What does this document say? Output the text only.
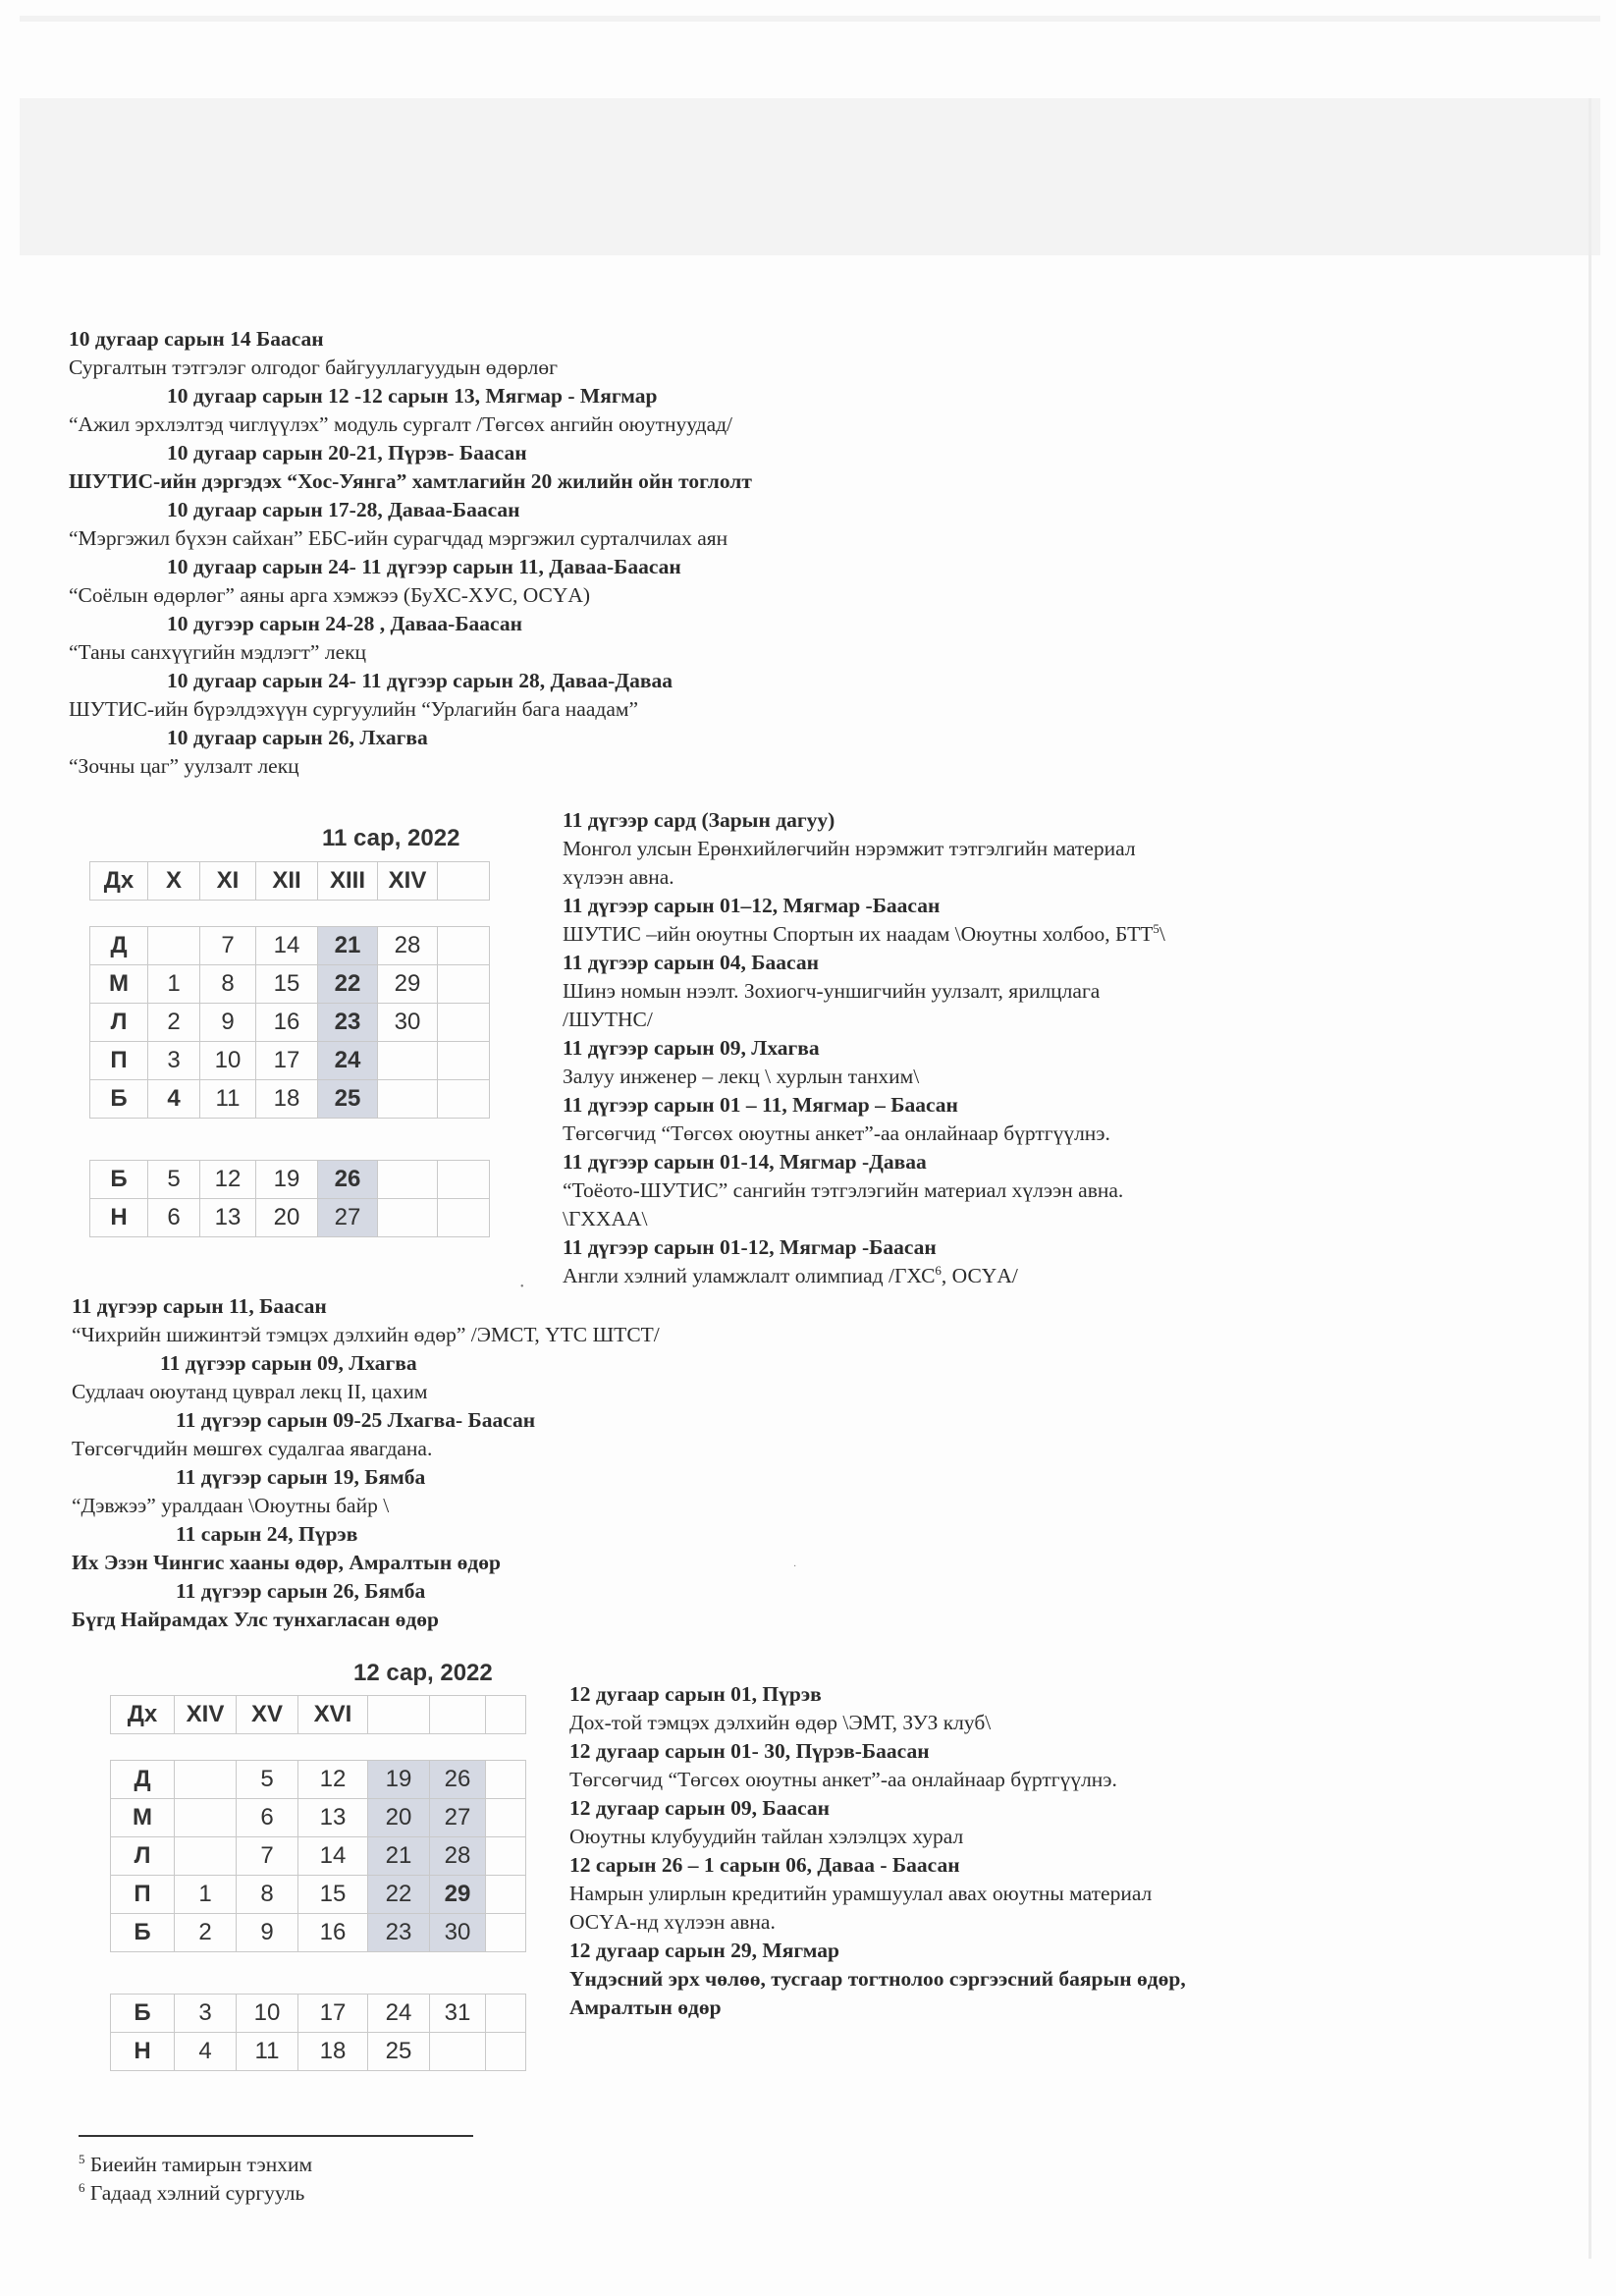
10 дугаар сарын 14 Баасан
Сургалтын тэтгэлэг олгодог байгууллагуудын өдөрлөг
10 дугаар сарын 12 -12 сарын 13, Мягмар - Мягмар
“Ажил эрхлэлтэд чиглүүлэх” модуль сургалт /Төгсөх ангийн оюутнуудад/
10 дугаар сарын 20-21, Пүрэв- Баасан
ШУТИС-ийн дэргэдэх “Хос-Уянга” хамтлагийн 20 жилийн ойн тоглолт
10 дугаар сарын 17-28, Даваа-Баасан
“Мэргэжил бүхэн сайхан” ЕБС-ийн сурагчдад мэргэжил сурталчилах аян
10 дугаар сарын 24- 11 дүгээр сарын 11, Даваа-Баасан
“Соёлын өдөрлөг” аяны арга хэмжээ (БуХС-ХУС, ОСҮА)
10 дугээр сарын 24-28 , Даваа-Баасан
“Таны санхүүгийн мэдлэгт” лекц
10 дугаар сарын 24- 11 дүгээр сарын 28, Даваа-Даваа
ШУТИС-ийн бүрэлдэхүүн сургуулийн “Урлагийн бага наадам”
10 дугаар сарын 26, Лхагва
“Зочны цаг” уулзалт лекц
11 сар, 2022
Дх	X	XI	XII	XIII	XIV	
Д		7	14	21	28	
М	1	8	15	22	29	
Л	2	9	16	23	30	
П	3	10	17	24		
Б	4	11	18	25		
Б	5	12	19	26		
Н	6	13	20	27		
11 дүгээр сард (Зарын дагуу)
Монгол улсын Ерөнхийлөгчийн нэрэмжит тэтгэлгийн материал
хүлээн авна.
11 дүгээр сарын 01–12, Мягмар -Баасан
ШУТИС –ийн оюутны Спортын их наадам \Оюутны холбоо, БТТ$^5$\
11 дүгээр сарын 04, Баасан
Шинэ номын нээлт. Зохиогч-уншигчийн уулзалт, ярилцлага
/ШУТНС/
11 дүгээр сарын 09, Лхагва
Залуу инженер – лекц \ хурлын танхим\
11 дүгээр сарын 01 – 11, Мягмар – Баасан
Төгсөгчид “Төгсөх оюутны анкет”-аа онлайнаар бүртгүүлнэ.
11 дүгээр сарын 01-14, Мягмар -Даваа
“Тоёото-ШУТИС” сангийн тэтгэлэгийн материал хүлээн авна.
\ГХХАА\
11 дүгээр сарын 01-12, Мягмар -Баасан
Англи хэлний уламжлалт олимпиад /ГХС$^6$, ОСҮА/
•
·
11 дүгээр сарын 11, Баасан
“Чихрийн шижинтэй тэмцэх дэлхийн өдөр” /ЭМСТ, ҮТС ШТСТ/
11 дүгээр сарын 09, Лхагва
Судлаач оюутанд цуврал лекц II, цахим
11 дүгээр сарын 09-25 Лхагва- Баасан
Төгсөгчдийн мөшгөх судалгаа явагдана.
11 дүгээр сарын 19, Бямба
“Дэвжээ” уралдаан \Оюутны байр \
11 сарын 24, Пүрэв
Их Эзэн Чингис хааны өдөр, Амралтын өдөр
11 дүгээр сарын 26, Бямба
Бүгд Найрамдах Улс тунхагласан өдөр
12 сар, 2022
Дх	XIV	XV	XVI			
Д		5	12	19	26	
М		6	13	20	27	
Л		7	14	21	28	
П	1	8	15	22	29	
Б	2	9	16	23	30	
Б	3	10	17	24	31	
Н	4	11	18	25		
12 дугаар сарын 01, Пүрэв
Дох-той тэмцэх дэлхийн өдөр \ЭМТ, ЗУЗ клуб\
12 дугаар сарын 01- 30, Пүрэв-Баасан
Төгсөгчид “Төгсөх оюутны анкет”-аа онлайнаар бүртгүүлнэ.
12 дугаар сарын 09, Баасан
Оюутны клубуудийн тайлан хэлэлцэх хурал
12 сарын 26 – 1 сарын 06, Даваа - Баасан
Намрын улирлын кредитийн урамшуулал авах оюутны материал
ОСҮА-нд хүлээн авна.
12 дугаар сарын 29, Мягмар
Үндэсний эрх чөлөө, тусгаар тогтнолоо сэргээсний баярын өдөр,
Амралтын өдөр
$^5$ Биеийн тамирын тэнхим
$^6$ Гадаад хэлний сургууль
